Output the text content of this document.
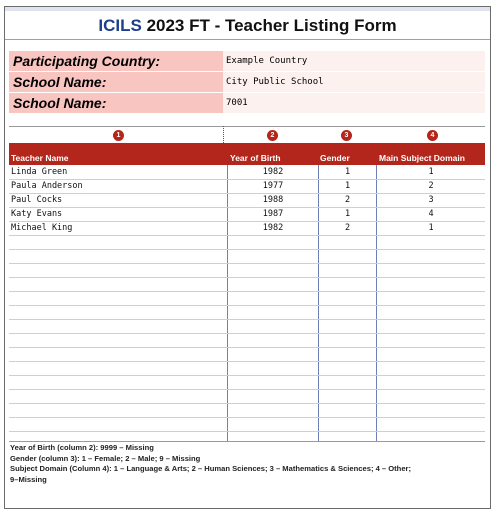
ICILS 2023 FT - Teacher Listing Form
Participating Country:	Example Country
School Name:	City Public School
School Name:	7001
1	2	3	4
Teacher Name	Year of Birth	Gender	Main Subject Domain
Linda Green	1982	1	1
Paula Anderson	1977	1	2
Paul Cocks	1988	2	3
Katy Evans	1987	1	4
Michael King	1982	2	1
Year of Birth (column 2): 9999 – Missing
Gender (column 3): 1 – Female; 2 – Male; 9 – Missing
Subject Domain (Column 4): 1 – Language & Arts; 2 – Human Sciences; 3 – Mathematics & Sciences; 4 – Other;
9–Missing
